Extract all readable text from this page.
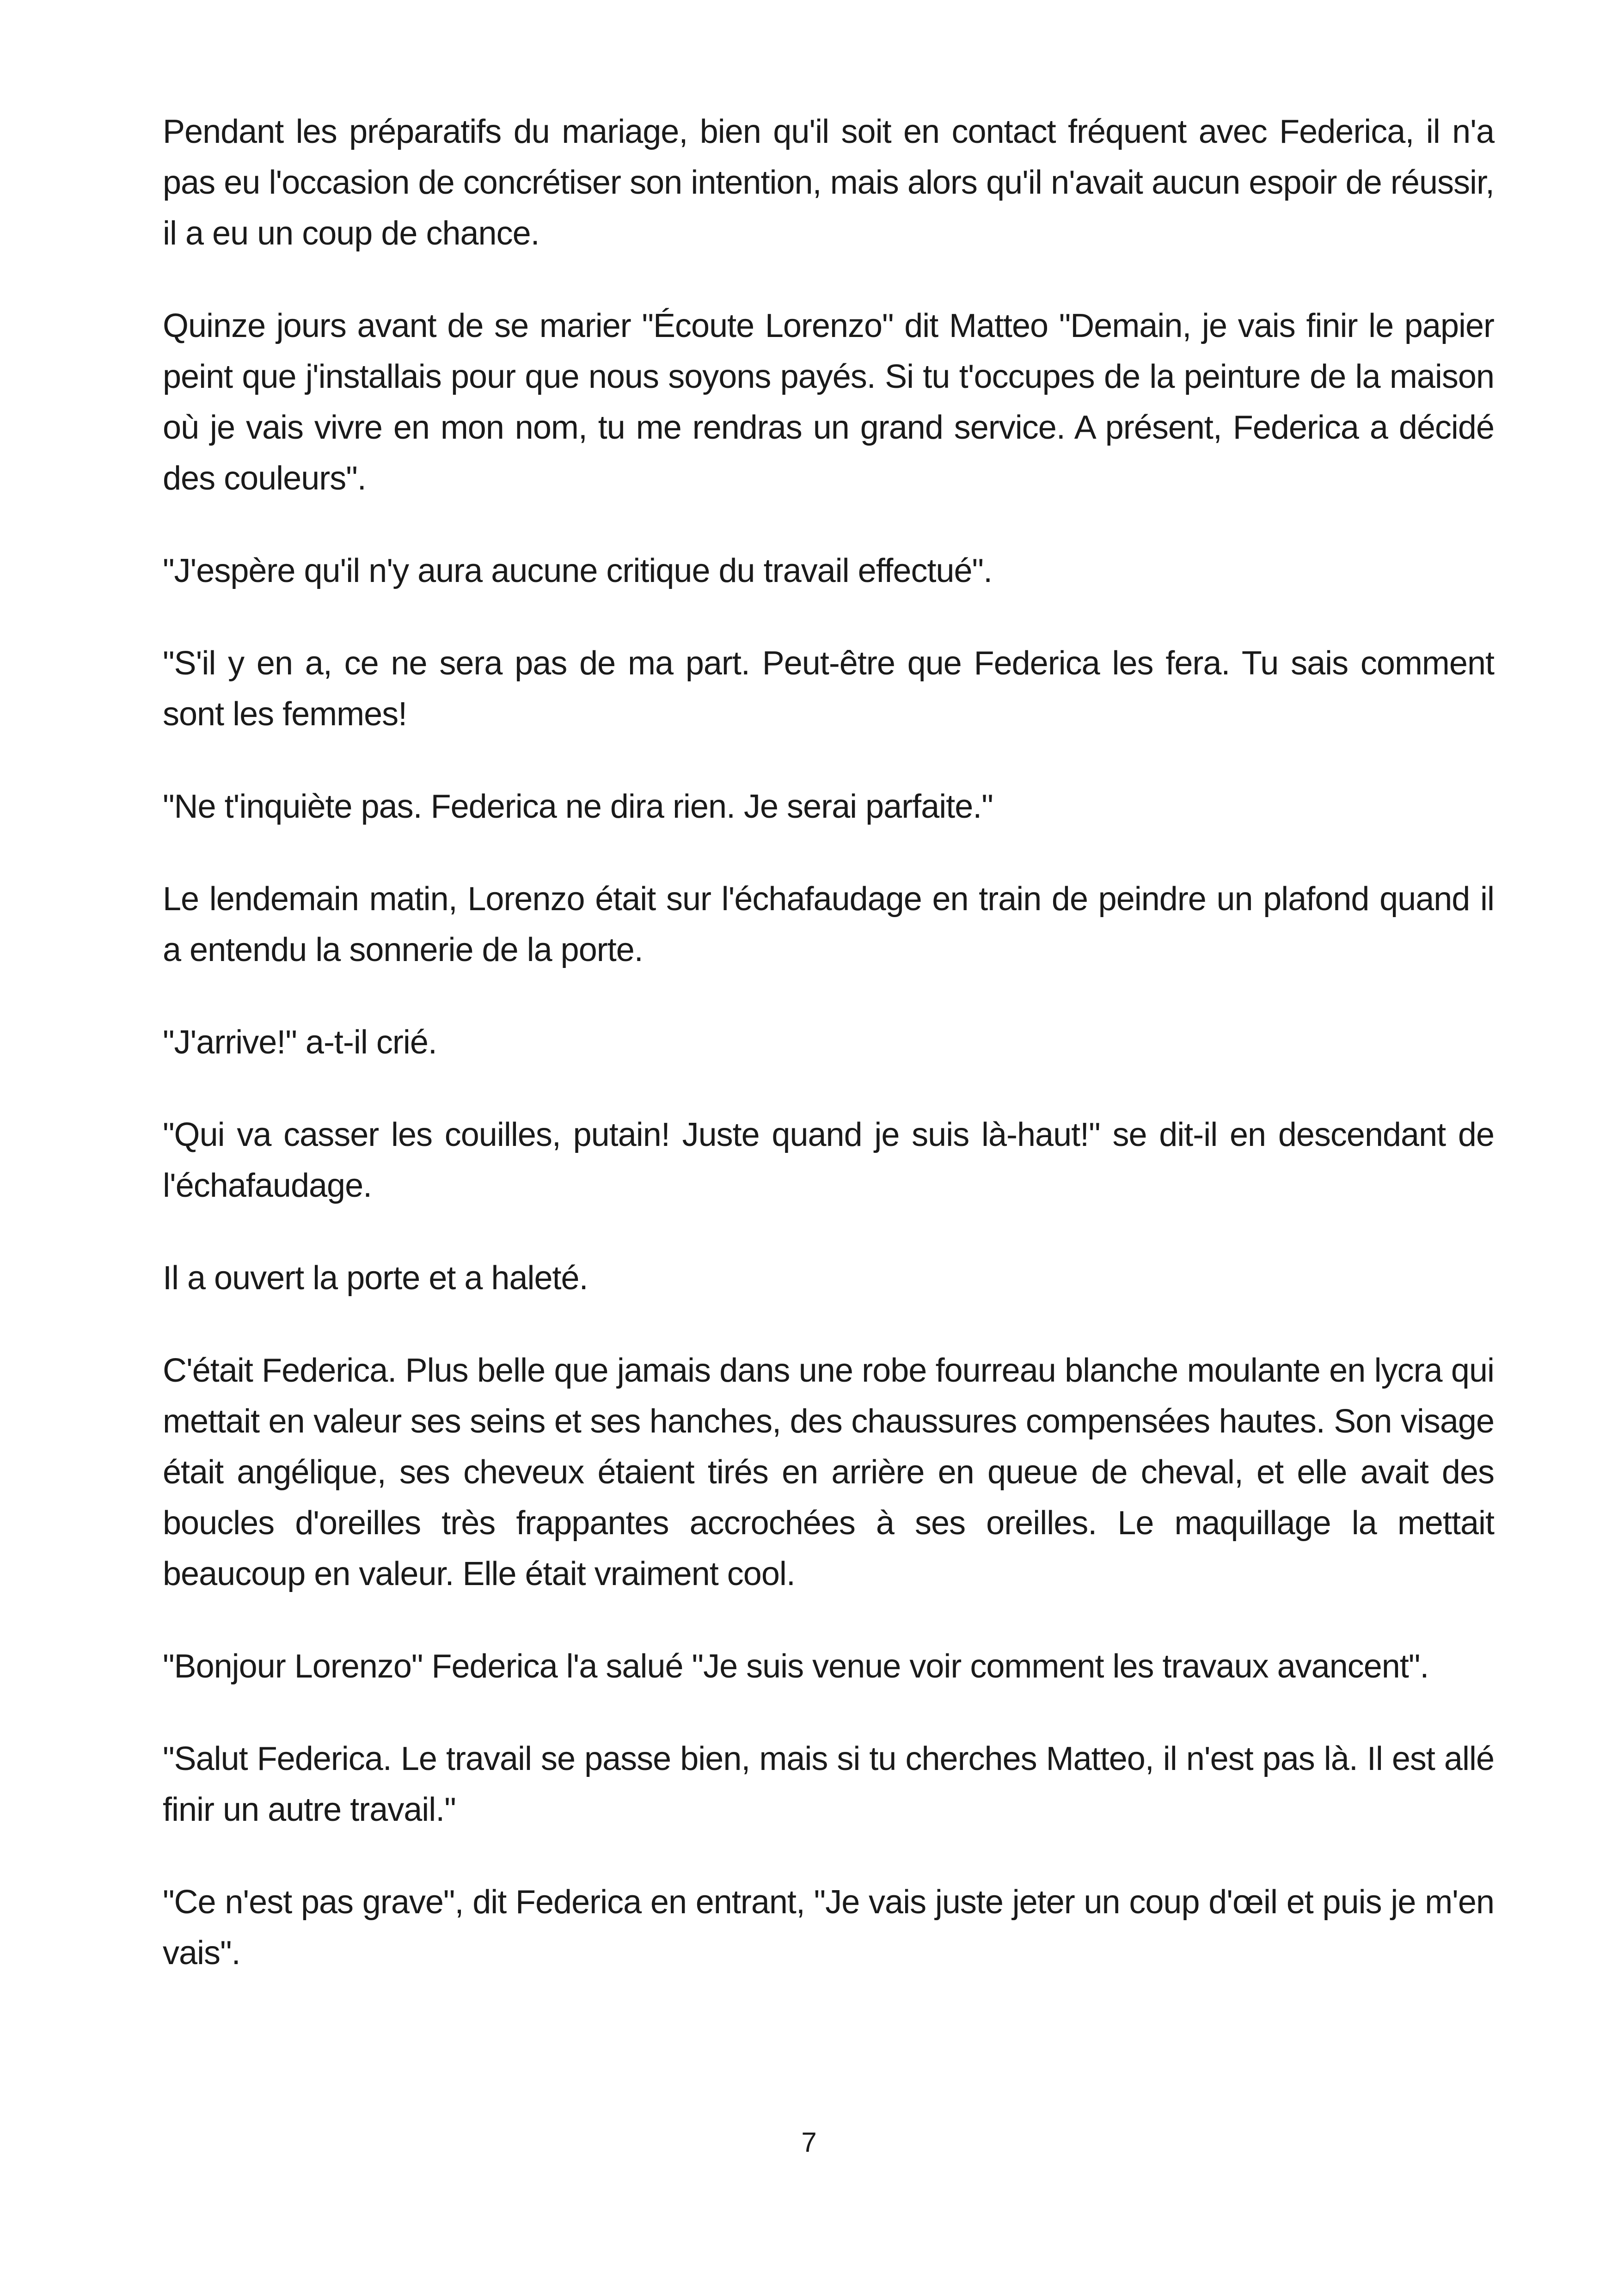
Pendant les préparatifs du mariage, bien qu'il soit en contact fréquent avec Federica, il n'a pas eu l'occasion de concrétiser son intention, mais alors qu'il n'avait aucun espoir de réussir, il a eu un coup de chance.

Quinze jours avant de se marier "Écoute Lorenzo" dit Matteo "Demain, je vais finir le papier peint que j'installais pour que nous soyons payés. Si tu t'occupes de la peinture de la maison où je vais vivre en mon nom, tu me rendras un grand service. A présent, Federica a décidé des couleurs".

"J'espère qu'il n'y aura aucune critique du travail effectué".

"S'il y en a, ce ne sera pas de ma part. Peut-être que Federica les fera. Tu sais comment sont les femmes!

"Ne t'inquiète pas. Federica ne dira rien. Je serai parfaite."

Le lendemain matin, Lorenzo était sur l'échafaudage en train de peindre un plafond quand il a entendu la sonnerie de la porte.

"J'arrive!" a-t-il crié.

"Qui va casser les couilles, putain! Juste quand je suis là-haut!" se dit-il en descendant de l'échafaudage.

Il a ouvert la porte et a haleté.

C'était Federica. Plus belle que jamais dans une robe fourreau blanche moulante en lycra qui mettait en valeur ses seins et ses hanches, des chaussures compensées hautes. Son visage était angélique, ses cheveux étaient tirés en arrière en queue de cheval, et elle avait des boucles d'oreilles très frappantes accrochées à ses oreilles. Le maquillage la mettait beaucoup en valeur. Elle était vraiment cool.

"Bonjour Lorenzo" Federica l'a salué "Je suis venue voir comment les travaux avancent".

"Salut Federica. Le travail se passe bien, mais si tu cherches Matteo, il n'est pas là. Il est allé finir un autre travail."

"Ce n'est pas grave", dit Federica en entrant, "Je vais juste jeter un coup d'œil et puis je m'en vais".

7
